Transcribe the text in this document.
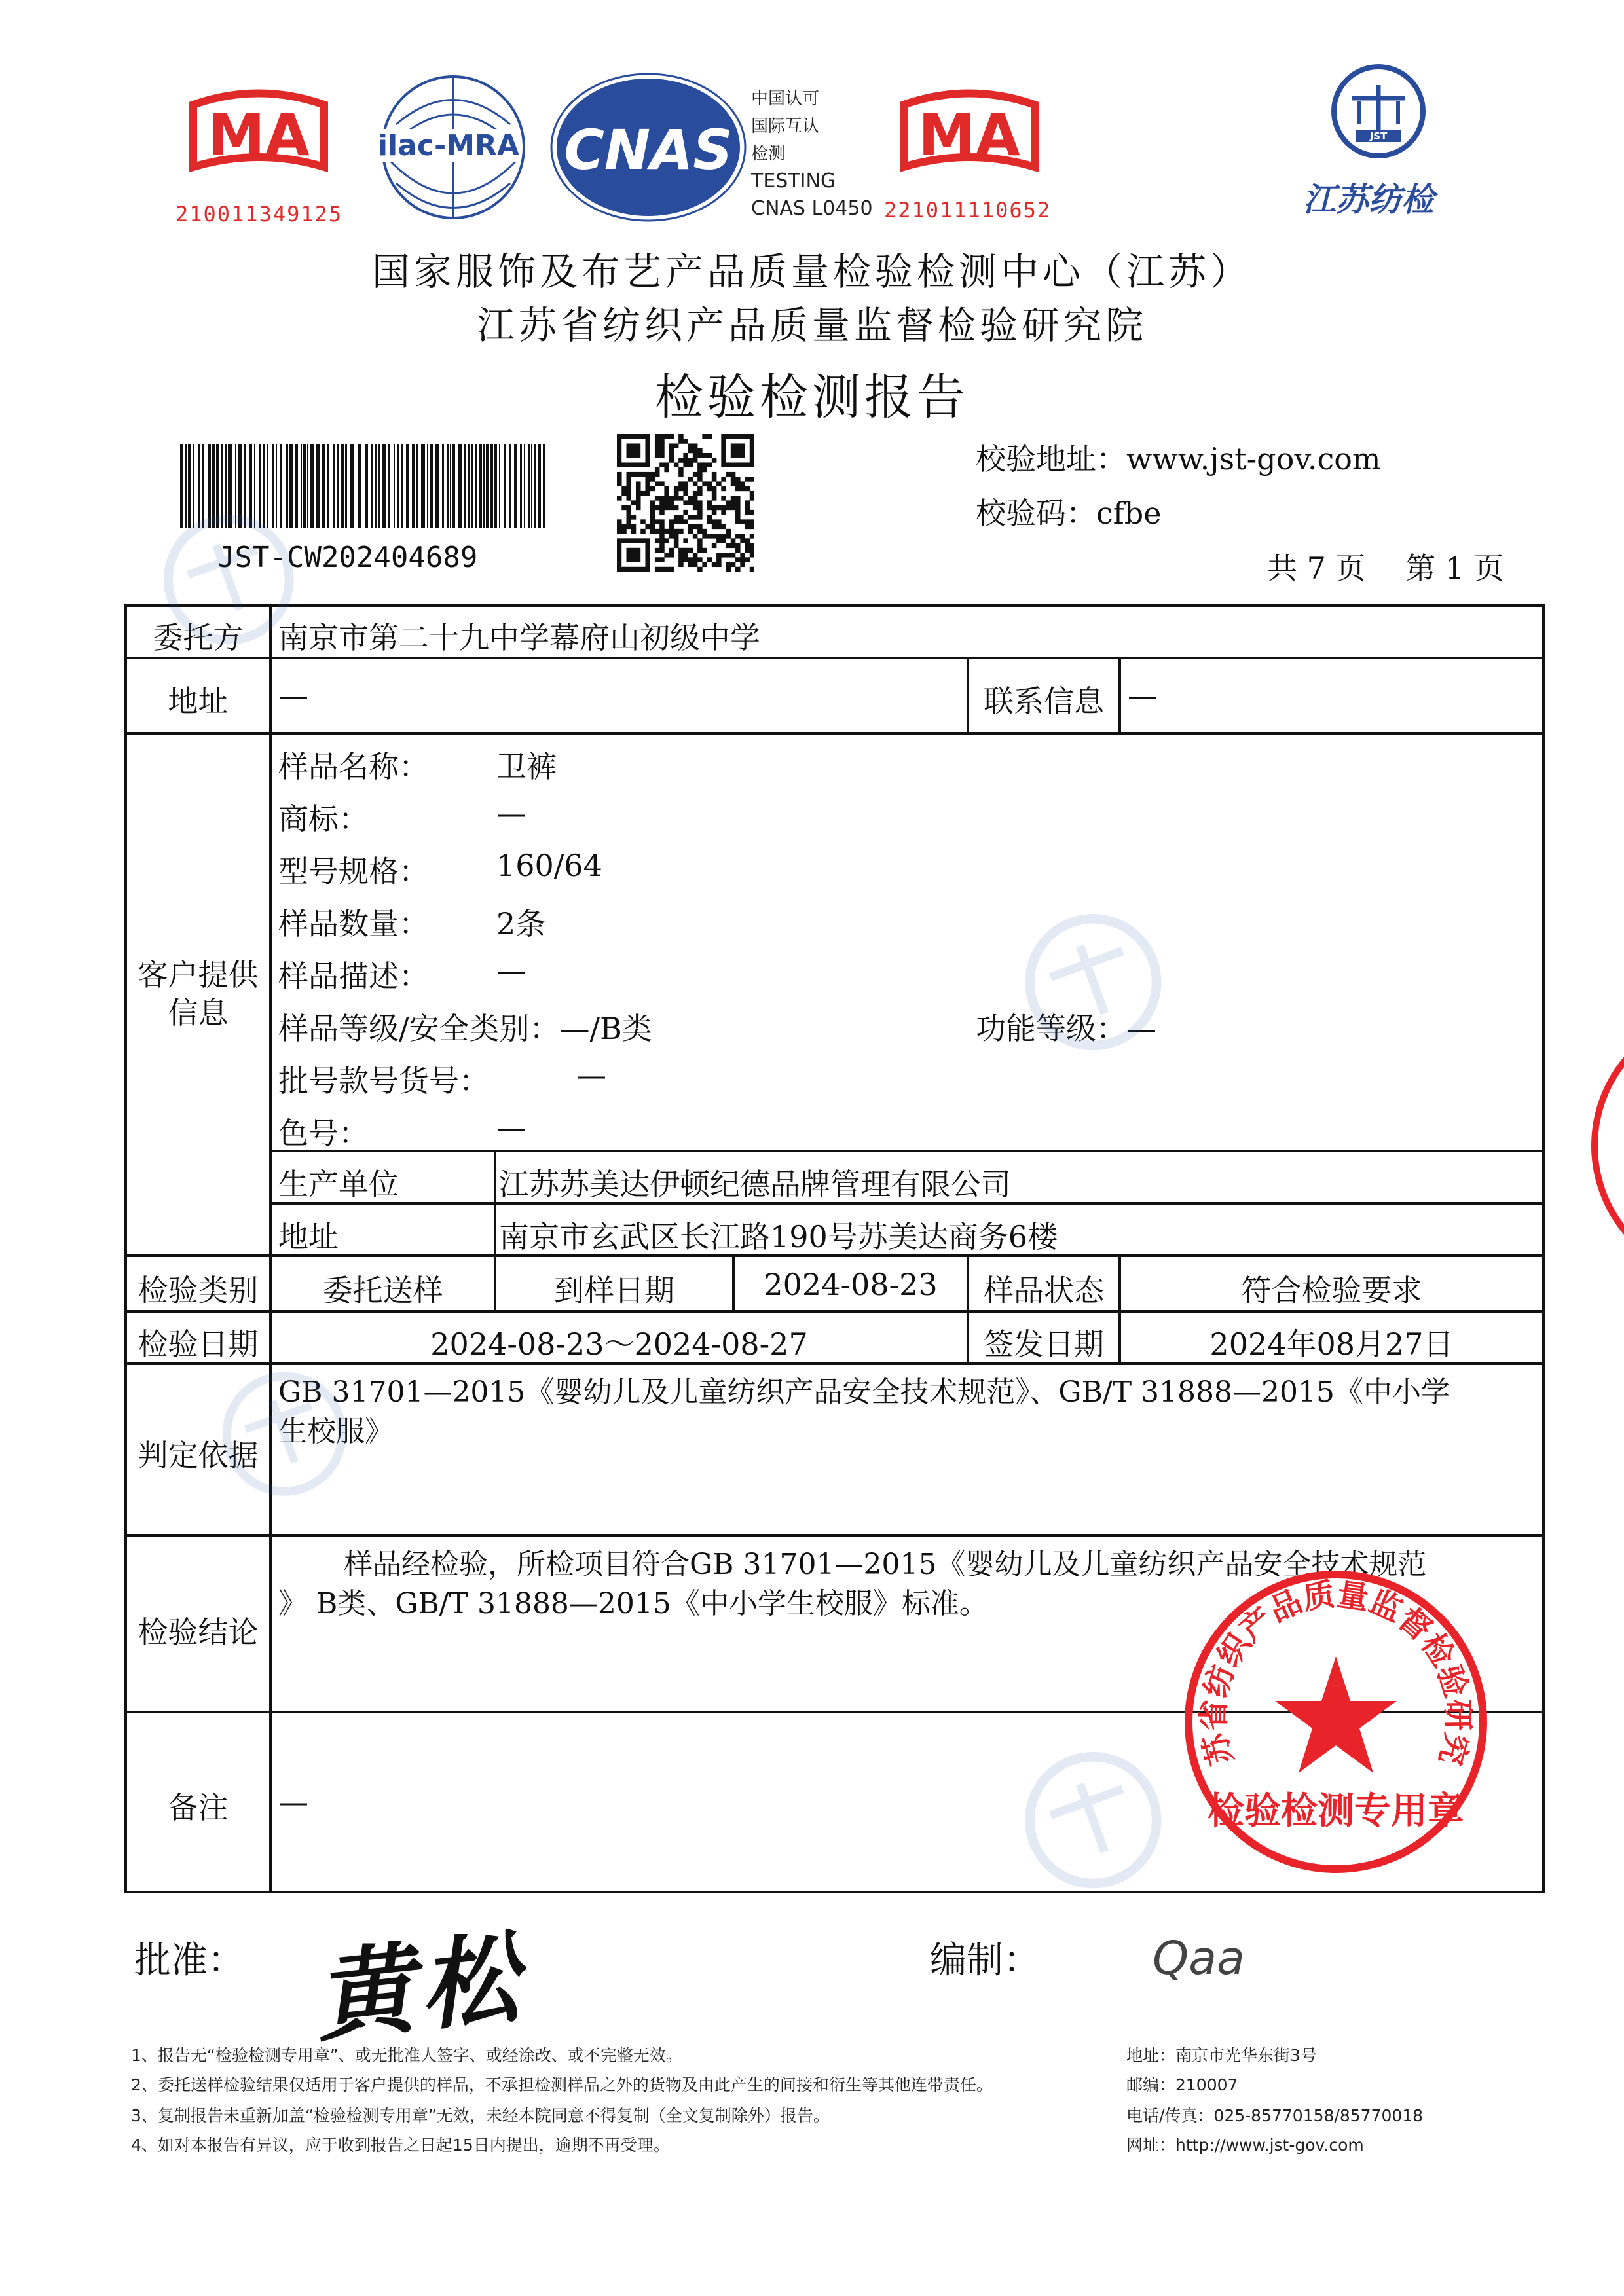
MA
210011349125
ilac-MRA CNAS
中国认可
国际互认
检测
TESTING
CNAS L0450
MA
221011110652
JST
江苏纺检
国家服饰及布艺产品质量检验检测中心（江苏）
江苏省纺织产品质量监督检验研究院
检验检测报告
JST-CW202404689
校验地址：www.jst-gov.com
校验码：cfbe
共 7 页　 第 1 页
委托方	南京市第二十九中学幕府山初级中学
地址	—	联系信息 —
客户提供
信息
样品名称： 卫裤
商标：	—
型号规格： 160/64
样品数量： 2条
样品描述： —
样品等级/安全类别：—/B类	功能等级：—
批号款号货号：	—
色号：	—
生产单位	江苏苏美达伊顿纪德品牌管理有限公司
地址	南京市玄武区长江路190号苏美达商务6楼
检验类别	委托送样	到样日期	2024-08-23	样品状态	符合检验要求
检验日期	2024-08-23～2024-08-27	签发日期	2024年08月27日
判定依据
GB 31701—2015《婴幼儿及儿童纺织产品安全技术规范》、GB/T 31888—2015《中小学
生校服》
检验结论
样品经检验，所检项目符合GB 31701—2015《婴幼儿及儿童纺织产品安全技术规范
》 B类、GB/T 31888—2015《中小学生校服》标准。
备注	—
苏省纺织产品质量监督检验研究
检验检测专用章
批准： 黄松	编制： Qaa
1、报告无“检验检测专用章”、或无批准人签字、或经涂改、或不完整无效。
2、委托送样检验结果仅适用于客户提供的样品，不承担检测样品之外的货物及由此产生的间接和衍生等其他连带责任。
3、复制报告未重新加盖“检验检测专用章”无效，未经本院同意不得复制（全文复制除外）报告。
4、如对本报告有异议，应于收到报告之日起15日内提出，逾期不再受理。
地址：南京市光华东街3号
邮编：210007
电话/传真：025-85770158/85770018
网址：http://www.jst-gov.com
